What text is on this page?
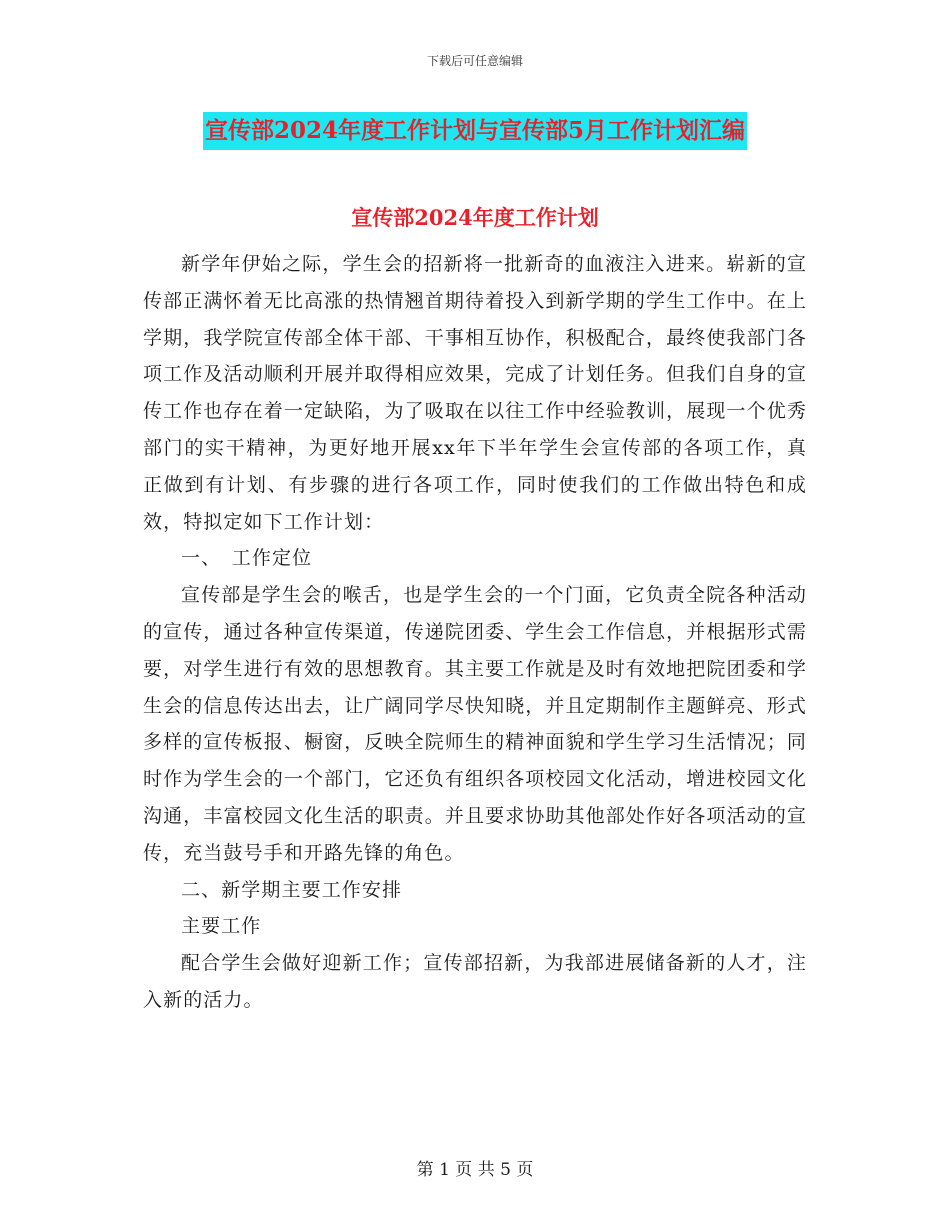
下载后可任意编辑
宣传部2024年度工作计划与宣传部5月工作计划汇编
宣传部2024年度工作计划

新学年伊始之际，学生会的招新将一批新奇的血液注入进来。崭新的宣传部正满怀着无比高涨的热情翘首期待着投入到新学期的学生工作中。在上学期，我学院宣传部全体干部、干事相互协作，积极配合，最终使我部门各项工作及活动顺利开展并取得相应效果，完成了计划任务。但我们自身的宣传工作也存在着一定缺陷，为了吸取在以往工作中经验教训，展现一个优秀部门的实干精神，为更好地开展xx年下半年学生会宣传部的各项工作，真正做到有计划、有步骤的进行各项工作，同时使我们的工作做出特色和成效，特拟定如下工作计划：

一、　工作定位

宣传部是学生会的喉舌，也是学生会的一个门面，它负责全院各种活动的宣传，通过各种宣传渠道，传递院团委、学生会工作信息，并根据形式需要，对学生进行有效的思想教育。其主要工作就是及时有效地把院团委和学生会的信息传达出去，让广阔同学尽快知晓，并且定期制作主题鲜亮、形式多样的宣传板报、橱窗，反映全院师生的精神面貌和学生学习生活情况；同时作为学生会的一个部门，它还负有组织各项校园文化活动，增进校园文化沟通，丰富校园文化生活的职责。并且要求协助其他部处作好各项活动的宣传，充当鼓号手和开路先锋的角色。

二、新学期主要工作安排

主要工作

配合学生会做好迎新工作；宣传部招新，为我部进展储备新的人才，注入新的活力。

第 1 页 共 5 页
